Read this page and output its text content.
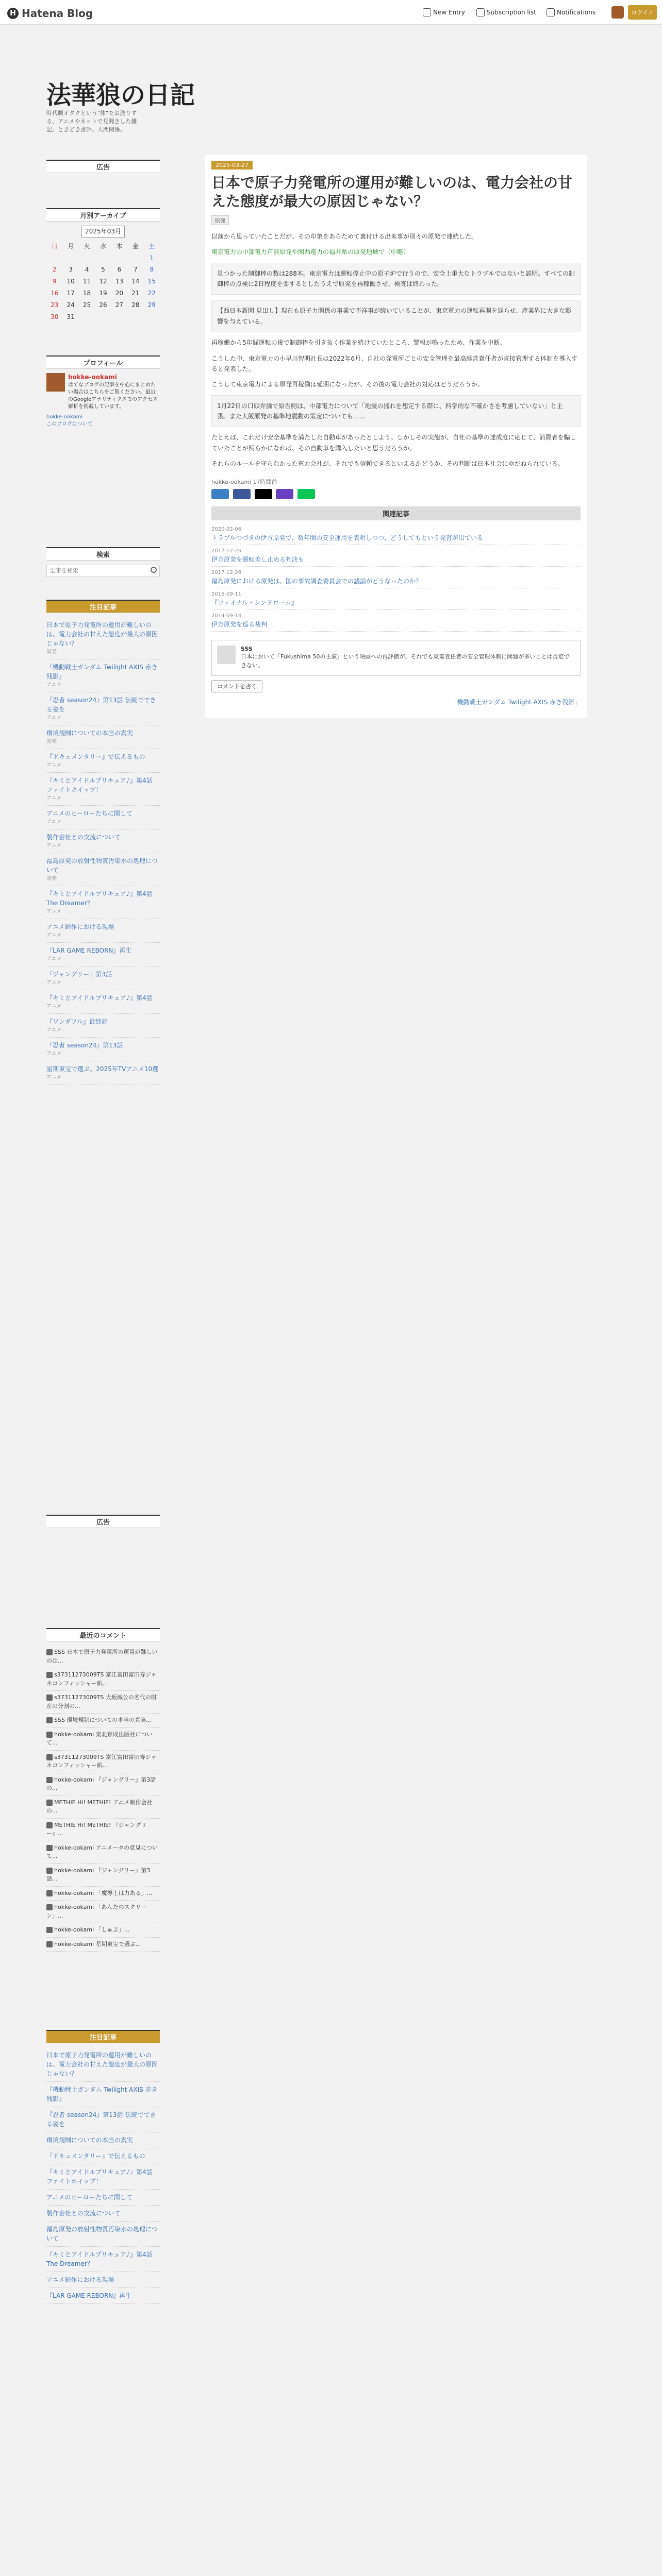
H Hatena Blog	New Entry	Subscription list	Notifications	ログイン
法華狼の日記
時代劇オタクという"体"でお送りする、アニメやネットで見聞きした雑記。ときどき書評。人間関係。
広告
月別アーカイブ
2025年03月
日	月	火	水	木	金	土
						1
2	3	4	5	6	7	8
9	10	11	12	13	14	15
16	17	18	19	20	21	22
23	24	25	26	27	28	29
30	31					
プロフィール
hokke-ookami
はてなブログの記事を中心にまとめたい場合はこちらをご覧ください。最近のGoogleアナリティクスでのアクセス解析を掲載しています。
hokke-ookami
このブログについて
検索
記事を検索
注目記事
日本で原子力発電所の運用が難しいのは、電力会社の甘えた態度が最大の原因じゃない？
原発
『機動戦士ガンダム Twilight AXIS 赤き残影』
アニメ
『忍者 season24』第13話 伝統でできる姿を
アニメ
環境規制についての本当の真実
原発
『ドキュメンタリー』で伝えるもの
アニメ
『キミとアイドルプリキュア♪』第4話 ファイトホイップ！
アニメ
アニメのヒーローたちに関して
アニメ
製作会社との交流について
アニメ
福島原発の放射性物質汚染水の処理について
原発
『キミとアイドルプリキュア♪』第4話 The Dreamer？
アニメ
アニメ制作における現場
アニメ
『LAR GAME REBORN』再生
アニメ
『ジャングリー』第3話
アニメ
『キミとアイドルプリキュア♪』第4話
アニメ
『ワンダフル』最終話
アニメ
『忍者 season24』第13話
アニメ
星期東宝で選ぶ、2025年TVアニメ10選
アニメ
広告
最近のコメント
SSS 日本で原子力発電所の運用が難しいのは...
s37311273009TS 富江富田富田寿ジャネコンフィッシャー紙...
s37311273009TS 大坂城公の名代の財産の分割の...
SSS 環境規制についての本当の真実...
hokke-ookami 東北京成出版社について...
s37311273009TS 富江富田富田寿ジャネコンフィッシャー紙...
hokke-ookami 『ジャングリー』第3話の...
METHIE Hi! METHIE! アニメ制作会社の...
METHIE Hi! METHIE! 『ジャングリー』...
hokke-ookami アニメータの意見について...
hokke-ookami 『ジャングリー』第3話...
hokke-ookami 「魔導士は力ある」...
hokke-ookami 「あんたのスクリーン」...
hokke-ookami 「しゅぷ」...
hokke-ookami 星期東宝で選ぶ...
注目記事
日本で原子力発電所の運用が難しいのは、電力会社の甘えた態度が最大の原因じゃない？
『機動戦士ガンダム Twilight AXIS 赤き残影』
『忍者 season24』第13話 伝統でできる姿を
環境規制についての本当の真実
『ドキュメンタリー』で伝えるもの
『キミとアイドルプリキュア♪』第4話 ファイトホイップ！
アニメのヒーローたちに関して
製作会社との交流について
福島原発の放射性物質汚染水の処理について
『キミとアイドルプリキュア♪』第4話 The Dreamer？
アニメ制作における現場
『LAR GAME REBORN』再生
2025-03-27
日本で原子力発電所の運用が難しいのは、電力会社の甘えた態度が最大の原因じゃない？
原発

以前から思っていたことだが、その印象をあらためて裏付ける出来事が別々の原発で連続した。

東京電力の中部電力芦浜原発や関西電力の福井県の原発地域で（中略）

見つかった制御棒の数は288本。東京電力は運転停止中の原子炉で行うので、安全上重大なトラブルではないと説明。すべての制御棒の点検に2日程度を要するとしたうえで原発を再稼働させ、検査は終わった。
【西日本新聞 見出し】現在も原子力関係の事業で不祥事が続いていることが、東京電力の運転再開を遅らせ、産業界に大きな影響を与えている。

再稼働から5年間運転の後で制御棒を引き抜く作業を続けていたところ、警報が鳴ったため、作業を中断。

こうした中、東京電力の小早川智明社長は2022年6月、自社の発電所ごとの安全管理を最高経営責任者が直接管理する体制を導入すると発表した。

こうして東京電力による原発再稼働は延期になったが、その後の電力会社の対応はどうだろうか。

1月22日の口頭弁論で原告側は、中部電力について「地震の揺れを想定する際に、科学的な不確かさを考慮していない」と主張。また大飯原発の基準地震動の策定についても……

たとえば、これだけ安全基準を満たした自動車があったとしよう。しかしその実態が、自社の基準の達成度に応じて、消費者を騙していたことが明らかになれば、その自動車を購入したいと思うだろうか。

それらのルールを守らなかった電力会社が、それでも信頼できるといえるかどうか、その判断は日本社会にゆだねられている。

hokke-ookami 17時間前

関連記事
2020-02-06
トラブルつづきの伊方原発で、数年間の安全運用を表明しつつ、どうしてもという発言が出ている
2017-12-26
伊方原発を運転差し止める判決も
2017-12-26
福島原発における原発は、国の事故調査委員会での議論がどうなったのか？
2016-09-11
『ファイナル・シンドローム』
2014-09-14
伊方原発を巡る裁判
SSS
日本において「Fukushima 50の主演」という映画への再評価が、それでも東電責任者の安全管理体制に問題が多いことは否定できない。
コメントを書く
「機動戦士ガンダム Twilight AXIS 赤き残影」
